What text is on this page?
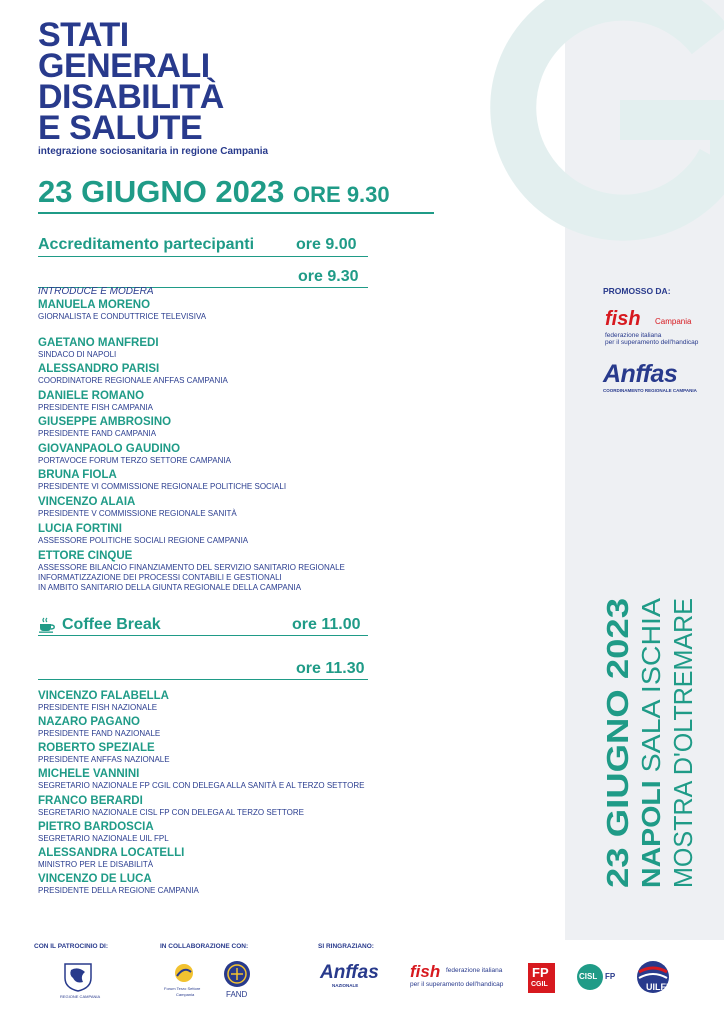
STATI
GENERALI
DISABILITÀ
E SALUTE
integrazione sociosanitaria in regione Campania
23 GIUGNO 2023 ORE 9.30
Accreditamento partecipanti	ore 9.00
ore 9.30
INTRODUCE E MODERA
MANUELA MORENO
GIORNALISTA E CONDUTTRICE TELEVISIVA
GAETANO MANFREDI
SINDACO DI NAPOLI
ALESSANDRO PARISI
COORDINATORE REGIONALE ANFFAS CAMPANIA
DANIELE ROMANO
PRESIDENTE FISH CAMPANIA
GIUSEPPE AMBROSINO
PRESIDENTE FAND CAMPANIA
GIOVANPAOLO GAUDINO
PORTAVOCE FORUM TERZO SETTORE CAMPANIA
BRUNA FIOLA
PRESIDENTE VI COMMISSIONE REGIONALE POLITICHE SOCIALI
VINCENZO ALAIA
PRESIDENTE V COMMISSIONE REGIONALE SANITÀ
LUCIA FORTINI
ASSESSORE POLITICHE SOCIALI REGIONE CAMPANIA
ETTORE CINQUE
ASSESSORE BILANCIO FINANZIAMENTO DEL SERVIZIO SANITARIO REGIONALE
INFORMATIZZAZIONE DEI PROCESSI CONTABILI E GESTIONALI
IN AMBITO SANITARIO DELLA GIUNTA REGIONALE DELLA CAMPANIA
Coffee Break	ore 11.00
ore 11.30
VINCENZO FALABELLA
PRESIDENTE FISH NAZIONALE
NAZARO PAGANO
PRESIDENTE FAND NAZIONALE
ROBERTO SPEZIALE
PRESIDENTE ANFFAS NAZIONALE
MICHELE VANNINI
SEGRETARIO NAZIONALE FP CGIL CON DELEGA ALLA SANITÀ E AL TERZO SETTORE
FRANCO BERARDI
SEGRETARIO NAZIONALE CISL FP CON DELEGA AL TERZO SETTORE
PIETRO BARDOSCIA
SEGRETARIO NAZIONALE UIL FPL
ALESSANDRA LOCATELLI
MINISTRO PER LE DISABILITÀ
VINCENZO DE LUCA
PRESIDENTE DELLA REGIONE CAMPANIA
PROMOSSO DA:
fish Campania
federazione italiana
per il superamento dell'handicap
Anffas
COORDINAMENTO REGIONALE CAMPANIA
23 GIUGNO 2023 NAPOLI SALA ISCHIA MOSTRA D'OLTREMARE
CON IL PATROCINIO DI:	IN COLLABORAZIONE CON:	SI RINGRAZIANO:
REGIONE CAMPANIA
Forum Terzo Settore
Campania	FAND
Anffas
NAZIONALE
fish federazione italiana
per il superamento dell'handicap
FP
CGIL
CISL FP
UILFPL
